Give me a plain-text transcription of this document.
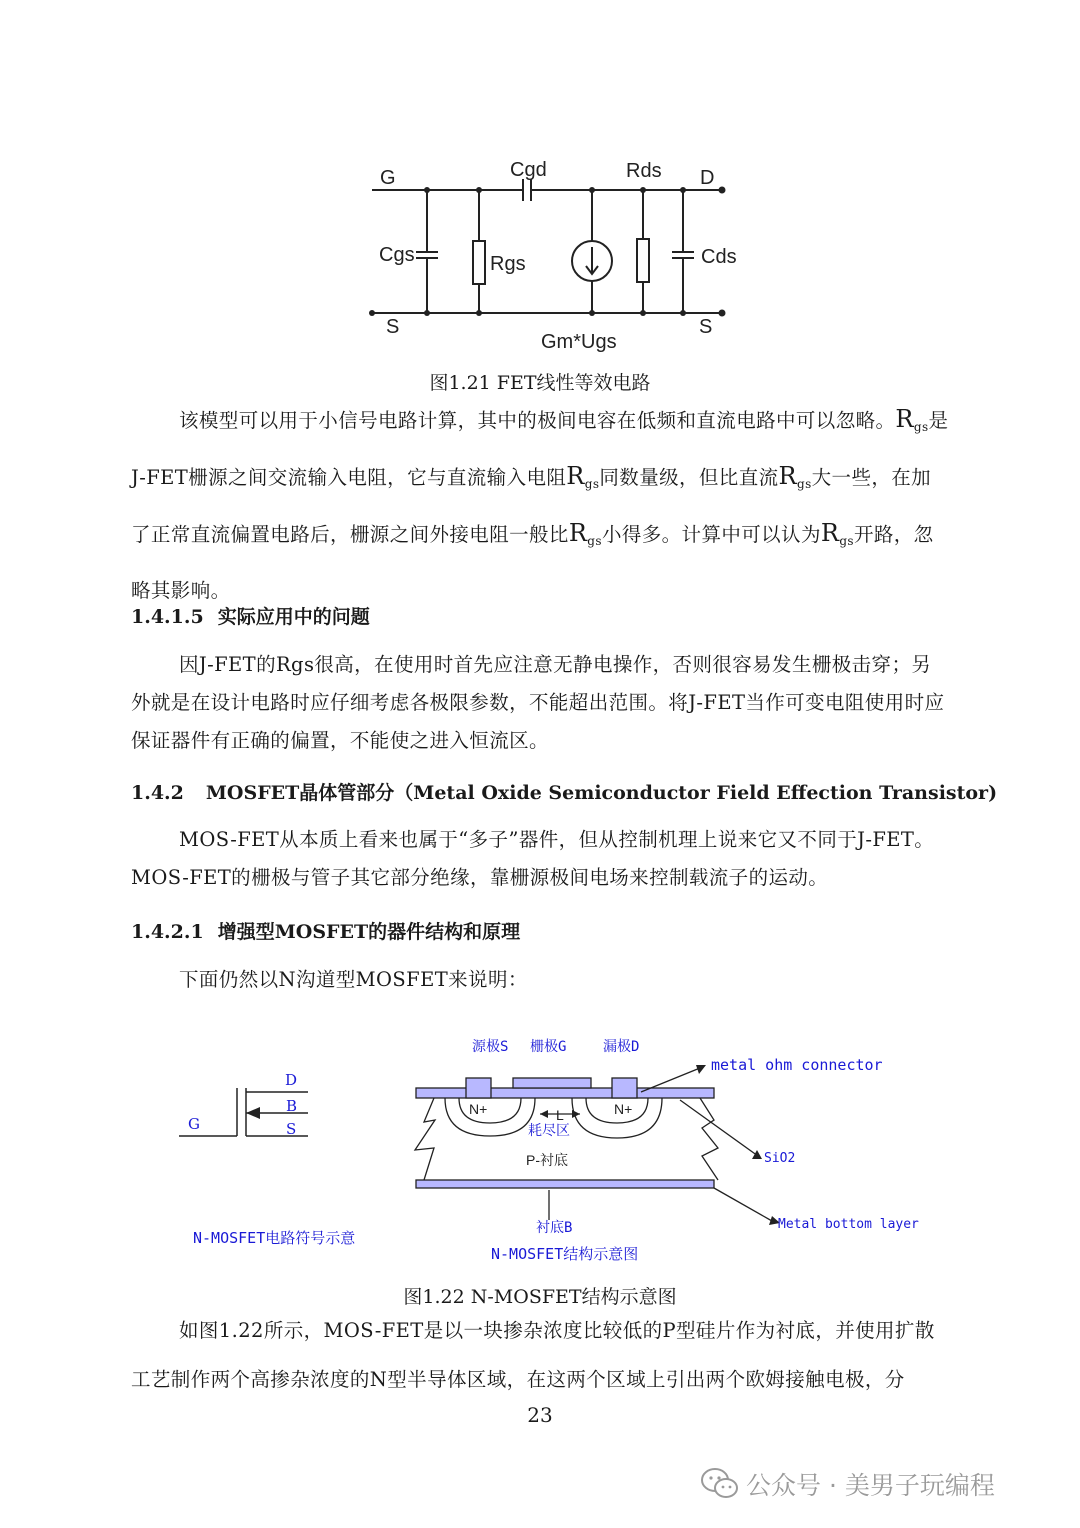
G	Cgd	Rds D
Cgs	Rgs	Cds
S	S
Gm*Ugs
图1.21 FET线性等效电路
该模型可以用于小信号电路计算，其中的极间电容在低频和直流电路中可以忽略。$R_{gs}$是J-FET栅源之间交流输入电阻，它与直流输入电阻$R_{gs}$同数量级，但比直流$R_{gs}$大一些，在加了正常直流偏置电路后，栅源之间外接电阻一般比$R_{gs}$小得多。计算中可以认为$R_{gs}$开路，忽略其影响。
1.4.1.5 实际应用中的问题
因J-FET的Rgs很高，在使用时首先应注意无静电操作，否则很容易发生栅极击穿；另外就是在设计电路时应仔细考虑各极限参数，不能超出范围。将J-FET当作可变电阻使用时应保证器件有正确的偏置，不能使之进入恒流区。
1.4.2 MOSFET晶体管部分（Metal Oxide Semiconductor Field Effection Transistor)
MOS-FET从本质上看来也属于“多子”器件，但从控制机理上说来它又不同于J-FET。MOS-FET的栅极与管子其它部分绝缘，靠栅源极间电场来控制载流子的运动。
1.4.2.1 增强型MOSFET的器件结构和原理
下面仍然以N沟道型MOSFET来说明：
D
B
S
G
N-MOSFET电路符号示意
源极S 栅极G	漏极D
metal ohm connector
耗尽区
SiO2
衬底B	Metal bottom layer
N-MOSFET结构示意图
N+	N+
L
P-衬底
图1.22 N-MOSFET结构示意图
如图1.22所示，MOS-FET是以一块掺杂浓度比较低的P型硅片作为衬底，并使用扩散工艺制作两个高掺杂浓度的N型半导体区域，在这两个区域上引出两个欧姆接触电极，分
23
公众号 · 美男子玩编程
